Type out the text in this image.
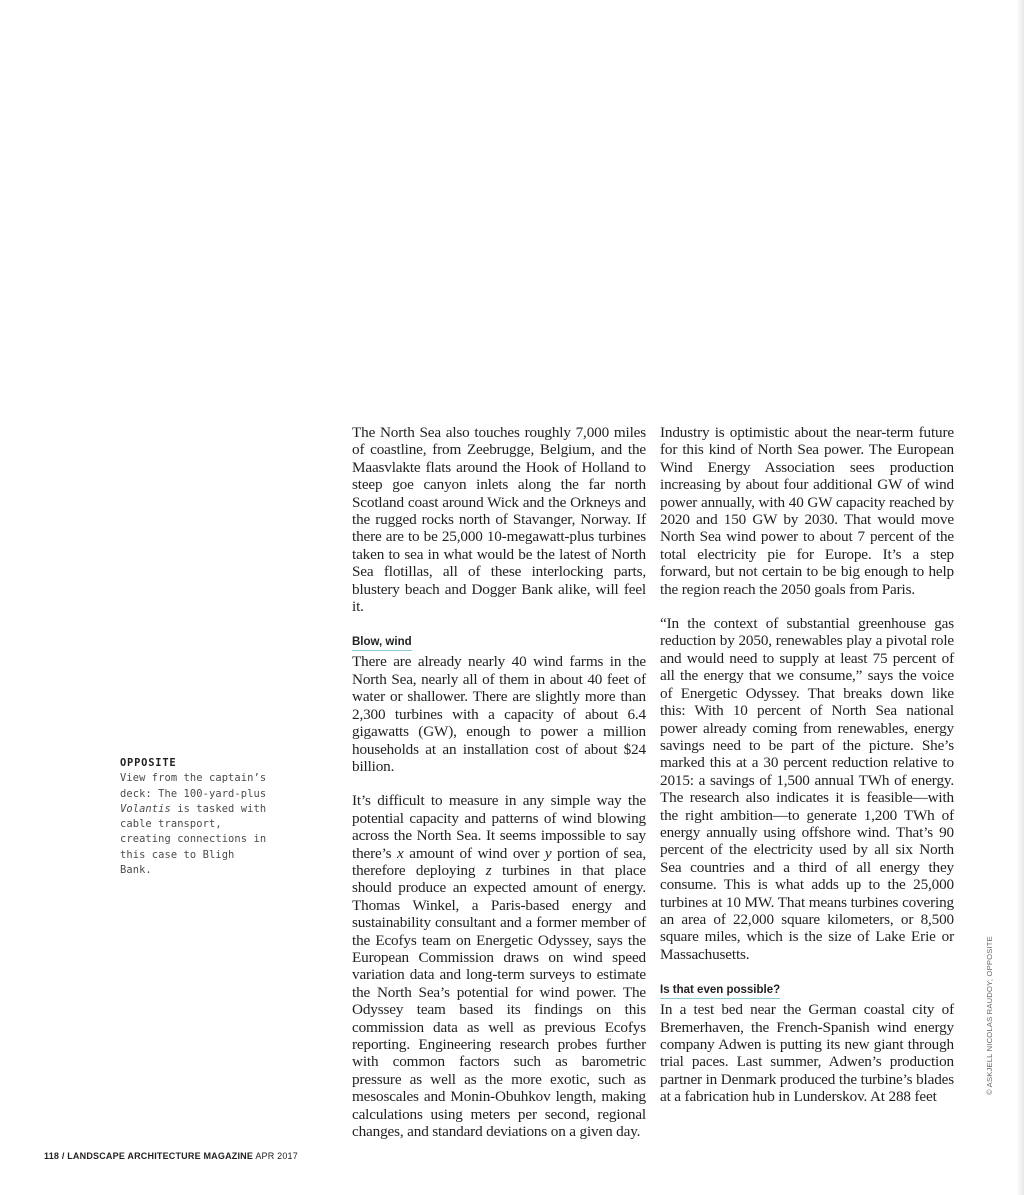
OPPOSITE
View from the captain’s deck: The 100-yard-plus Volantis is tasked with cable transport, creating connections in this case to Bligh Bank.

The North Sea also touches roughly 7,000 miles of coastline, from Zeebrugge, Belgium, and the Maasvlakte flats around the Hook of Holland to steep goe canyon inlets along the far north Scotland coast around Wick and the Orkneys and the rugged rocks north of Stavanger, Norway. If there are to be 25,000 10-megawatt-plus turbines taken to sea in what would be the latest of North Sea flotillas, all of these interlocking parts, blustery beach and Dogger Bank alike, will feel it.

Blow, wind

There are already nearly 40 wind farms in the North Sea, nearly all of them in about 40 feet of water or shallower. There are slightly more than 2,300 turbines with a capacity of about 6.4 gigawatts (GW), enough to power a million households at an installation cost of about $24 billion.

It’s difficult to measure in any simple way the potential capacity and patterns of wind blowing across the North Sea. It seems impossible to say there’s x amount of wind over y portion of sea, therefore deploying z turbines in that place should produce an expected amount of energy. Thomas Winkel, a Paris-based energy and sustainability consultant and a former member of the Ecofys team on Energetic Odyssey, says the European Commission draws on wind speed variation data and long-term surveys to estimate the North Sea’s potential for wind power. The Odyssey team based its findings on this commission data as well as previous Ecofys reporting. Engineering research probes further with common factors such as barometric pressure as well as the more exotic, such as mesoscales and Monin-Obuhkov length, making calculations using meters per second, regional changes, and standard deviations on a given day.

Industry is optimistic about the near-term future for this kind of North Sea power. The European Wind Energy Association sees production increasing by about four additional GW of wind power annually, with 40 GW capacity reached by 2020 and 150 GW by 2030. That would move North Sea wind power to about 7 percent of the total electricity pie for Europe. It’s a step forward, but not certain to be big enough to help the region reach the 2050 goals from Paris.

“In the context of substantial greenhouse gas reduction by 2050, renewables play a pivotal role and would need to supply at least 75 percent of all the energy that we consume,” says the voice of Energetic Odyssey. That breaks down like this: With 10 percent of North Sea national power already coming from renewables, energy savings need to be part of the picture. She’s marked this at a 30 percent reduction relative to 2015: a savings of 1,500 annual TWh of energy. The research also indicates it is feasible—with the right ambition—to generate 1,200 TWh of energy annually using offshore wind. That’s 90 percent of the electricity used by all six North Sea countries and a third of all energy they consume. This is what adds up to the 25,000 turbines at 10 MW. That means turbines covering an area of 22,000 square kilometers, or 8,500 square miles, which is the size of Lake Erie or Massachusetts.

Is that even possible?

In a test bed near the German coastal city of Bremerhaven, the French-Spanish wind energy company Adwen is putting its new giant through trial paces. Last summer, Adwen’s production partner in Denmark produced the turbine’s blades at a fabrication hub in Lunderskov. At 288 feet

© ASKJELL NICOLAS RAUDOY; OPPOSITE
118 / LANDSCAPE ARCHITECTURE MAGAZINE APR 2017
